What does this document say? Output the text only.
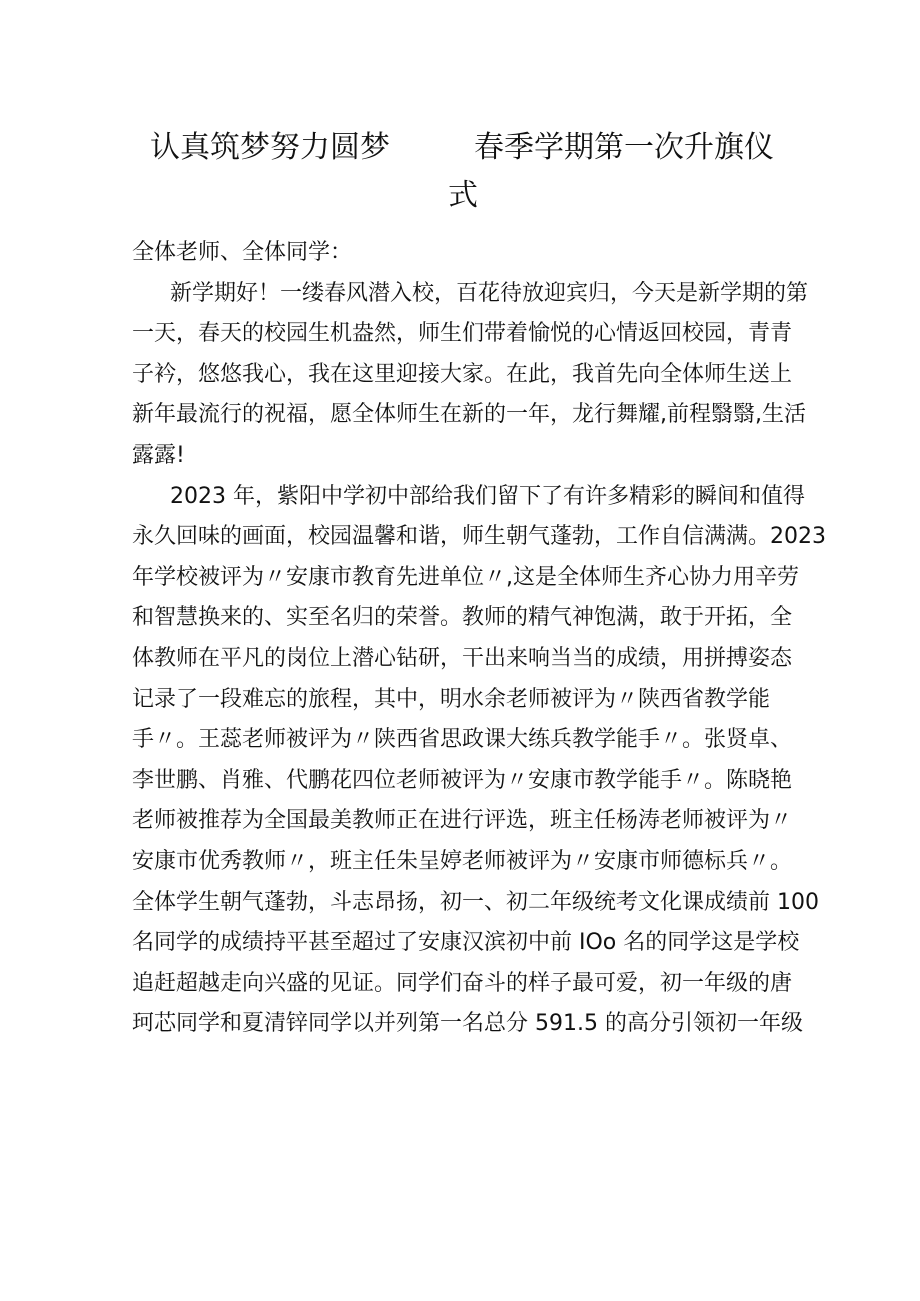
认真筑梦努力圆梦	春季学期第一次升旗仪
式

全体老师、全体同学：

新学期好！一缕春风潜入校，百花待放迎宾归，今天是新学期的第
一天，春天的校园生机盎然，师生们带着愉悦的心情返回校园，青青
子衿，悠悠我心，我在这里迎接大家。在此，我首先向全体师生送上
新年最流行的祝福，愿全体师生在新的一年，龙行舞耀,前程翳翳,生活
露露!

2023 年，紫阳中学初中部给我们留下了有许多精彩的瞬间和值得
永久回味的画面，校园温馨和谐，师生朝气蓬勃，工作自信满满。2023
年学校被评为〃安康市教育先进单位〃,这是全体师生齐心协力用辛劳
和智慧换来的、实至名归的荣誉。教师的精气神饱满，敢于开拓，全
体教师在平凡的岗位上潜心钻研，干出来响当当的成绩，用拼搏姿态
记录了一段难忘的旅程，其中，明水余老师被评为〃陕西省教学能
手〃。王蕊老师被评为〃陕西省思政课大练兵教学能手〃。张贤卓、
李世鹏、肖雅、代鹏花四位老师被评为〃安康市教学能手〃。陈晓艳
老师被推荐为全国最美教师正在进行评选，班主任杨涛老师被评为〃
安康市优秀教师〃，班主任朱呈婷老师被评为〃安康市师德标兵〃。
全体学生朝气蓬勃，斗志昂扬，初一、初二年级统考文化课成绩前 100
名同学的成绩持平甚至超过了安康汉滨初中前 IOo 名的同学这是学校
追赶超越走向兴盛的见证。同学们奋斗的样子最可爱，初一年级的唐
珂芯同学和夏清锌同学以并列第一名总分 591.5 的高分引领初一年级
